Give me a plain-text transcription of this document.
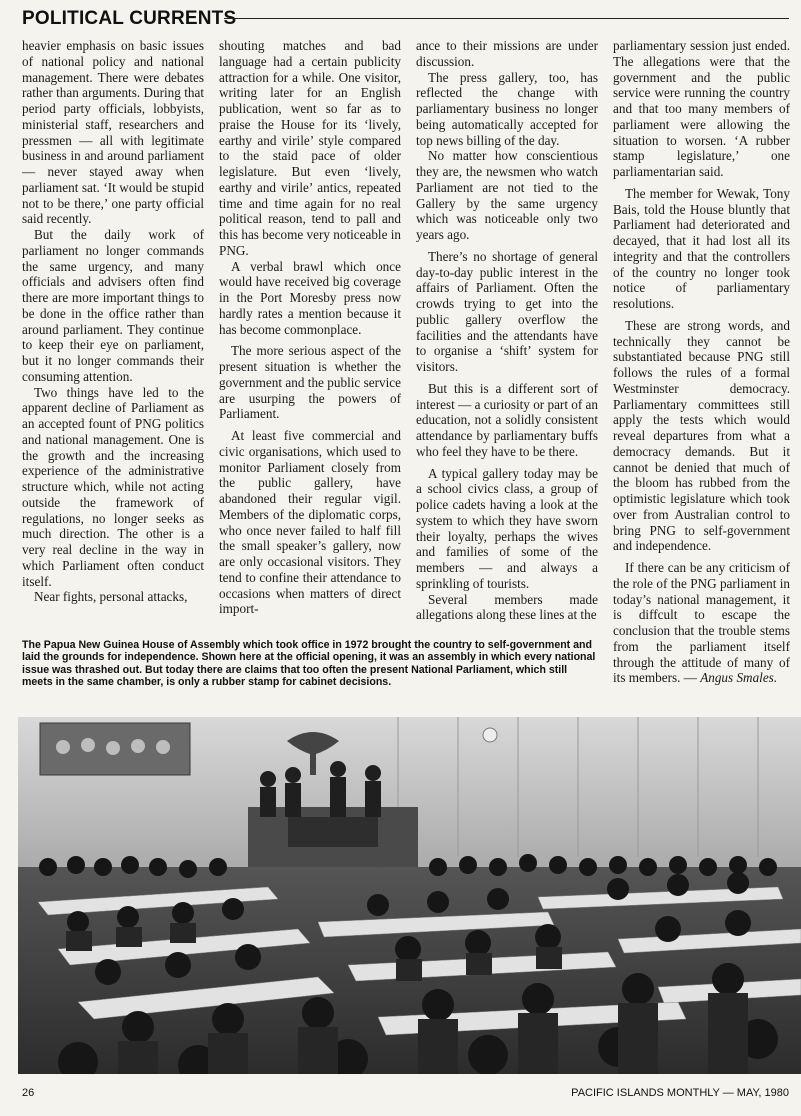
POLITICAL CURRENTS

heavier emphasis on basic issues of national policy and national management. There were debates rather than arguments. During that period party officials, lobbyists, ministerial staff, researchers and pressmen — all with legitimate business in and around parliament — never stayed away when parliament sat. ‘It would be stupid not to be there,’ one party official said recently.

But the daily work of parliament no longer commands the same urgency, and many officials and advisers often find there are more important things to be done in the office rather than around parliament. They continue to keep their eye on parliament, but it no longer commands their consuming attention.

Two things have led to the apparent decline of Parliament as an accepted fount of PNG politics and national management. One is the growth and the increasing experience of the administrative structure which, while not acting outside the framework of regulations, no longer seeks as much direction. The other is a very real decline in the way in which Parliament often conduct itself.

Near fights, personal attacks,

shouting matches and bad language had a certain publicity attraction for a while. One visitor, writing later for an English publication, went so far as to praise the House for its ‘lively, earthy and virile’ style compared to the staid pace of older legislature. But even ‘lively, earthy and virile’ antics, repeated time and time again for no real political reason, tend to pall and this has become very noticeable in PNG.

A verbal brawl which once would have received big coverage in the Port Moresby press now hardly rates a mention because it has become commonplace.

The more serious aspect of the present situation is whether the government and the public service are usurping the powers of Parliament.

At least five commercial and civic organisations, which used to monitor Parliament closely from the public gallery, have abandoned their regular vigil. Members of the diplomatic corps, who once never failed to half fill the small speaker’s gallery, now are only occasional visitors. They tend to confine their attendance to occasions when matters of direct import-

ance to their missions are under discussion.

The press gallery, too, has reflected the change with parliamentary business no longer being automatically accepted for top news billing of the day.

No matter how conscientious they are, the newsmen who watch Parliament are not tied to the Gallery by the same urgency which was noticeable only two years ago.

There’s no shortage of general day-to-day public interest in the affairs of Parliament. Often the crowds trying to get into the public gallery overflow the facilities and the attendants have to organise a ‘shift’ system for visitors.

But this is a different sort of interest — a curiosity or part of an education, not a solidly consistent attendance by parliamentary buffs who feel they have to be there.

A typical gallery today may be a school civics class, a group of police cadets having a look at the system to which they have sworn their loyalty, perhaps the wives and families of some of the members — and always a sprinkling of tourists.

Several members made allegations along these lines at the

parliamentary session just ended. The allegations were that the government and the public service were running the country and that too many members of parliament were allowing the situation to worsen. ‘A rubber stamp legislature,’ one parliamentarian said.

The member for Wewak, Tony Bais, told the House bluntly that Parliament had deteriorated and decayed, that it had lost all its integrity and that the controllers of the country no longer took notice of parliamentary resolutions.

These are strong words, and technically they cannot be substantiated because PNG still follows the rules of a formal Westminster democracy. Parliamentary committees still apply the tests which would reveal departures from what a democracy demands. But it cannot be denied that much of the bloom has rubbed from the optimistic legislature which took over from Australian control to bring PNG to self-government and independence.

If there can be any criticism of the role of the PNG parliament in today’s national management, it is diffcult to escape the conclusion that the trouble stems from the parliament itself through the attitude of many of its members. — Angus Smales.

The Papua New Guinea House of Assembly which took office in 1972 brought the country to self-government and laid the grounds for independence. Shown here at the official opening, it was an assembly in which every national issue was thrashed out. But today there are claims that too often the present National Parliament, which still meets in the same chamber, is only a rubber stamp for cabinet decisions.
26	PACIFIC ISLANDS MONTHLY — MAY, 1980
